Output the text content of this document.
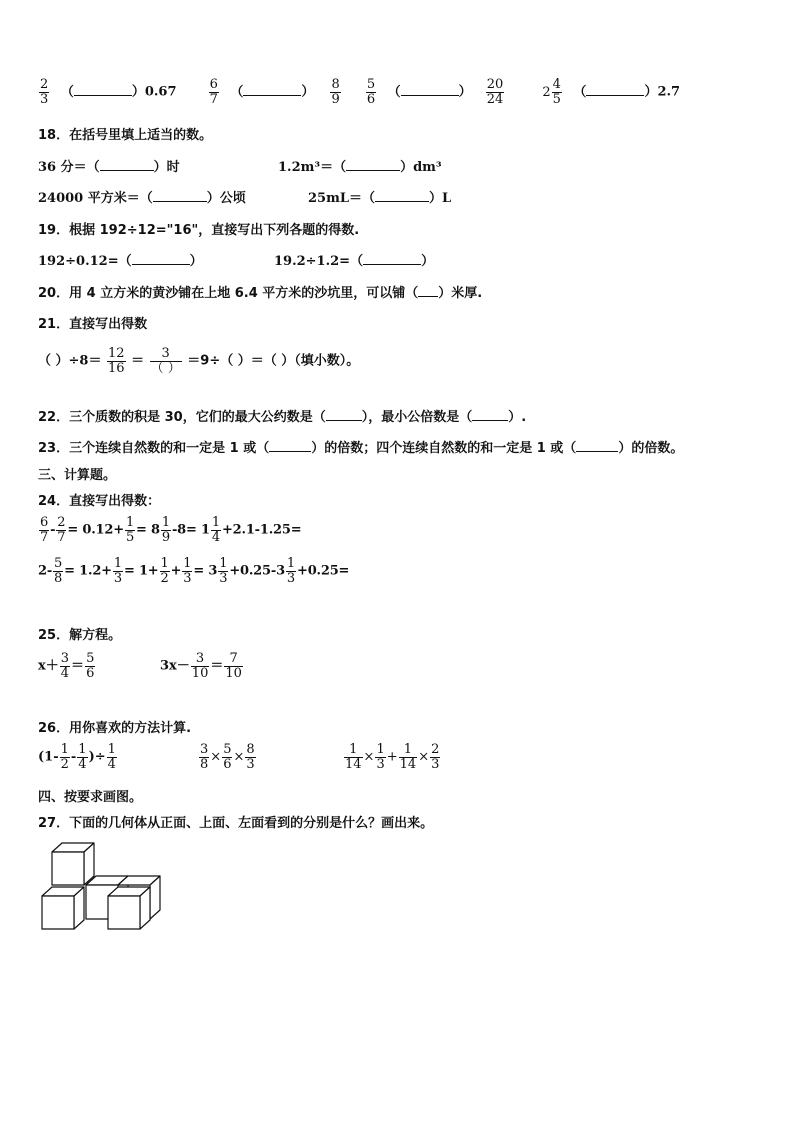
$\frac{2}{3}$ （	）$0.67 \frac{6}{7}$ （	） $\frac{8}{9}$
$\frac{5}{6}$ （	） $\frac{20}{24}$	$2 \frac{4}{5}$ （	）2.7
18．在括号里填上适当的数。
36 分＝（	）时	1.2m³＝（	）dm³
24000 平方米＝（	）公顷	25mL＝（	）L
19．根据 192÷12="16"，直接写出下列各题的得数.
192÷0.12=（	）	19.2÷1.2=（	）
20．用 4 立方米的黄沙铺在上地 6.4 平方米的沙坑里，可以铺（ ）米厚.
21．直接写出得数
（ ）$\div 8= \frac{12}{16} = \frac{3}{( )} =9\div$（ ）＝（ ）（填小数）。
22．三个质数的积是 30，它们的最大公约数是（	），最小公倍数是（	）.
23．三个连续自然数的和一定是 1 或（	）的倍数；四个连续自然数的和一定是 1 或（	）的倍数。
三、计算题。
24．直接写出得数：
$\frac{6}{7} - \frac{2}{7} = 0.12+ \frac{1}{5} = 8 \frac{1}{9} -8= 1 \frac{1}{4} +2.1-1.25=$
$2- \frac{5}{8} = 1.2+ \frac{1}{3} = 1+ \frac{1}{2} + \frac{1}{3} = 3 \frac{1}{3} +0.25-3 \frac{1}{3} +0.25=$
25．解方程。
$x+ \frac{3}{4} = \frac{5}{6}$	$3x- \frac{3}{10} = \frac{7}{10}$
26．用你喜欢的方法计算.
($1- \frac{1}{2} - \frac{1}{4}$ )÷ $\frac{1}{4}$	$\frac{3}{8} \times \frac{5}{6} \times \frac{8}{3}$	$\frac{1}{14} \times \frac{1}{3} + \frac{1}{14} \times \frac{2}{3}$
四、按要求画图。
27．下面的几何体从正面、上面、左面看到的分别是什么？画出来。
